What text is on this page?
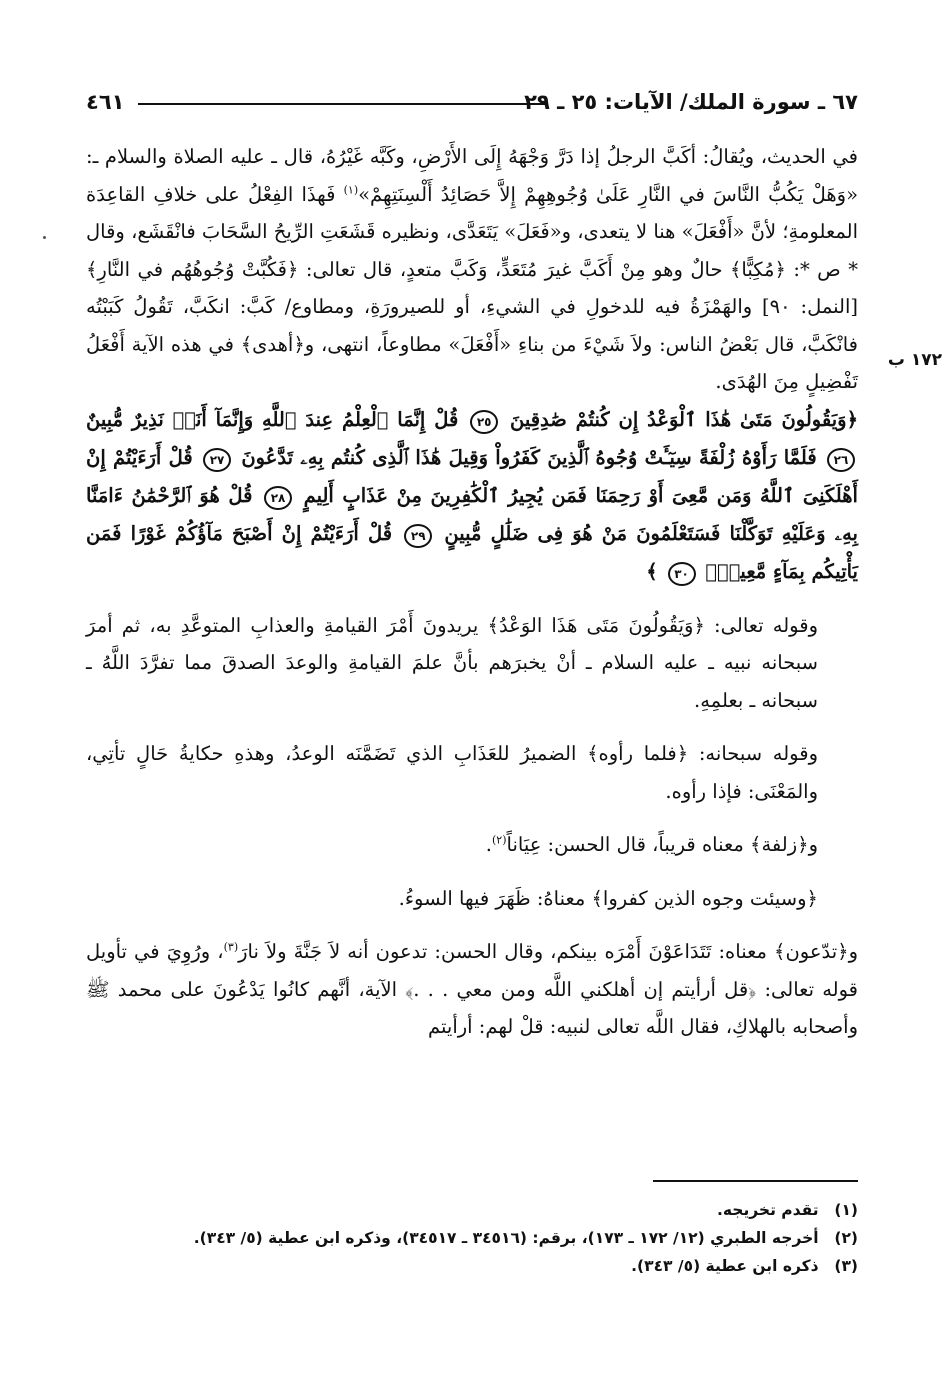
٦٧ ـ سورة الملك/ الآيات: ٢٥ ـ ٢٩
٤٦١
١٧٢ ب

في الحديث، ويُقالُ: أكَبَّ الرجلُ إذا دَرَّ وَجْهَهُ إِلَى الأَرْضِ، وكَبَّه غَيْرُهُ، قال ـ عليه الصلاة والسلام ـ: «وَهَلْ يَكُبُّ النَّاسَ في النَّارِ عَلَىٰ وُجُوهِهِمْ إِلاَّ حَصَائِدُ أَلْسِنَتِهِمْ»$^{(١)}$ فَهذَا الفِعْلُ على خلافِ القاعِدَة المعلومةِ؛ لأنَّ «أَفْعَلَ» هنا لا يتعدى، و«فَعَلَ» يَتَعَدَّى، ونظيره قَشَعَتِ الرِّيحُ السَّحَابَ فانْقَشَع، وقال * ص *: ﴿مُكِبًّا﴾ حالٌ وهو مِنْ أَكَبَّ غيرَ مُتَعَدٍّ، وَكَبَّ متعدٍ، قال تعالى: ﴿فَكُبَّتْ وُجُوهُهُم في النَّارِ﴾ [النمل: ٩٠] والهَمْزَةُ فيه للدخولِ في الشيءِ، أو للصيرورَةِ، ومطاوع/ كَبَّ: انكَبَّ، تَقُولُ كَبَبْتُه فانْكَبَّ، قال بَعْضُ الناس: ولاَ شَيْءَ من بناءِ «أَفْعَلَ» مطاوعاً، انتهى، و﴿أهدى﴾ في هذه الآية أَفْعَلُ تَفْضِيلٍ مِنَ الهُدَى.

﴿وَيَقُولُونَ مَتَىٰ هَٰذَا ٱلْوَعْدُ إِن كُنتُمْ صَٰدِقِينَ ٢٥ قُلْ إِنَّمَا ٱلْعِلْمُ عِندَ ٱللَّهِ وَإِنَّمَآ أَنَا۠ نَذِيرٌ مُّبِينٌ ٢٦ فَلَمَّا رَأَوْهُ زُلْفَةً سِيٓـَٔتْ وُجُوهُ ٱلَّذِينَ كَفَرُواْ وَقِيلَ هَٰذَا ٱلَّذِى كُنتُم بِهِۦ تَدَّعُونَ ٢٧ قُلْ أَرَءَيْتُمْ إِنْ أَهْلَكَنِىَ ٱللَّهُ وَمَن مَّعِىَ أَوْ رَحِمَنَا فَمَن يُجِيرُ ٱلْكَٰفِرِينَ مِنْ عَذَابٍ أَلِيمٍ ٢٨ قُلْ هُوَ ٱلرَّحْمَٰنُ ءَامَنَّا بِهِۦ وَعَلَيْهِ تَوَكَّلْنَا فَسَتَعْلَمُونَ مَنْ هُوَ فِى ضَلَٰلٍ مُّبِينٍ ٢٩ قُلْ أَرَءَيْتُمْ إِنْ أَصْبَحَ مَآؤُكُمْ غَوْرًا فَمَن يَأْتِيكُم بِمَآءٍ مَّعِينٍۭ ٣٠ ﴾

وقوله تعالى: ﴿وَيَقُولُونَ مَتَى هَذَا الوَعْدُ﴾ يريدونَ أَمْرَ القيامةِ والعذابِ المتوعَّدِ به، ثم أمرَ سبحانه نبيه ـ عليه السلام ـ أنْ يخبرَهم بأنَّ علمَ القيامةِ والوعدَ الصدقَ مما تفرَّدَ اللَّهُ ـ سبحانه ـ بعلمِهِ.

وقوله سبحانه: ﴿فلما رأوه﴾ الضميرُ للعَذَابِ الذي تَضَمَّنَه الوعدُ، وهذهِ حكايةُ حَالٍ تأتِي، والمَعْنَى: فإذا رأوه.

و﴿زلفة﴾ معناه قريباً، قال الحسن: عِيَاناً$^{(٢)}$.

﴿وسيئت وجوه الذين كفروا﴾ معناهُ: ظَهَرَ فيها السوءُ.

و﴿تدّعون﴾ معناه: تَتَدَاعَوْنَ أَمْرَه بينكم، وقال الحسن: تدعون أنه لاَ جَنَّةَ ولاَ نارَ$^{(٣)}$، ورُوِيَ في تأويل قوله تعالى: ﴿قل أرأيتم إن أهلكني اللَّه ومن معي . . .﴾ الآية، أنَّهم كانُوا يَدْعُونَ على محمد ﷺ وأصحابه بالهلاكِ، فقال اللَّه تعالى لنبيه: قلْ لهم: أرأيتم

(١) تقدم تخريجه.
(٢) أخرجه الطبري (١٢/ ١٧٢ ـ ١٧٣)، برقم: (٣٤٥١٦ ـ ٣٤٥١٧)، وذكره ابن عطية (٥/ ٣٤٣).
(٣) ذكره ابن عطية (٥/ ٣٤٣).
